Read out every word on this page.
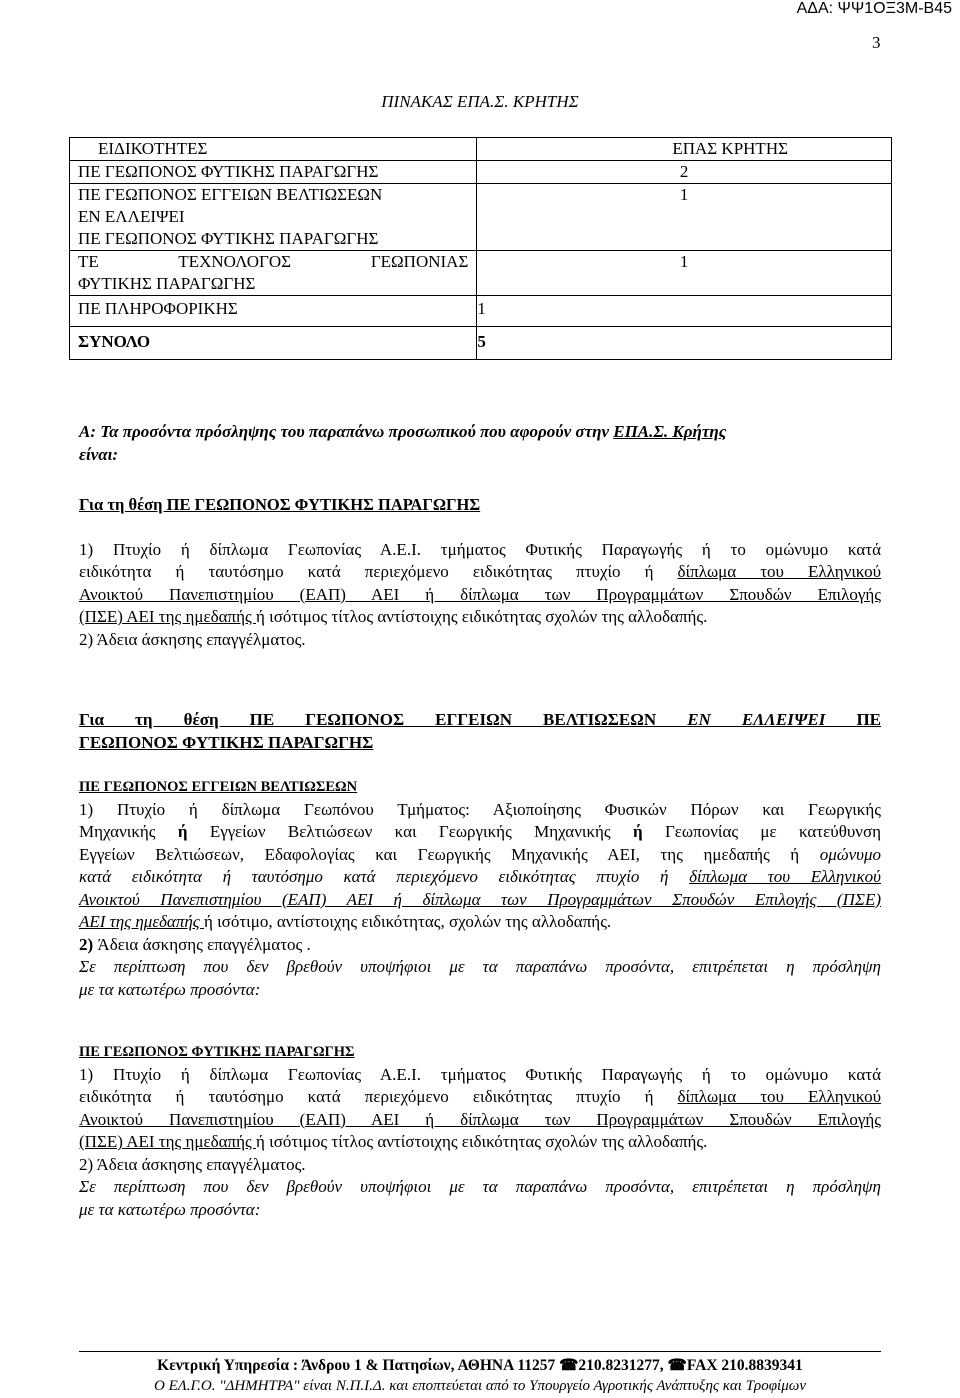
ΑΔΑ: ΨΨ1ΟΞ3Μ-Β45
3
ΠΙΝΑΚΑΣ ΕΠΑ.Σ. ΚΡΗΤΗΣ
ΕΙΔΙΚΟΤΗΤΕΣ	ΕΠΑΣ ΚΡΗΤΗΣ
ΠΕ ΓΕΩΠΟΝΟΣ ΦΥΤΙΚΗΣ ΠΑΡΑΓΩΓΗΣ	2

ΠΕ ΓΕΩΠΟΝΟΣ ΕΓΓΕΙΩΝ ΒΕΛΤΙΩΣΕΩΝ
ΕΝ ΕΛΛΕΙΨΕΙ
ΠΕ ΓΕΩΠΟΝΟΣ ΦΥΤΙΚΗΣ ΠΑΡΑΓΩΓΗΣ	1

ΤΕ ΤΕΧΝΟΛΟΓΟΣ ΓΕΩΠΟΝΙΑΣ
ΦΥΤΙΚΗΣ ΠΑΡΑΓΩΓΗΣ	1
ΠΕ ΠΛΗΡΟΦΟΡΙΚΗΣ	1
ΣΥΝΟΛΟ	5

Α: Τα προσόντα πρόσληψης του παραπάνω προσωπικού που αφορούν στην ΕΠΑ.Σ. Κρήτης

είναι:

Για τη θέση ΠΕ ΓΕΩΠΟΝΟΣ ΦΥΤΙΚΗΣ ΠΑΡΑΓΩΓΗΣ

1) Πτυχίο ή δίπλωμα Γεωπονίας Α.Ε.Ι. τμήματος Φυτικής Παραγωγής ή το ομώνυμο κατά

ειδικότητα ή ταυτόσημο κατά περιεχόμενο ειδικότητας πτυχίο ή δίπλωμα του Ελληνικού

Ανοικτού Πανεπιστημίου (ΕΑΠ) ΑΕΙ ή δίπλωμα των Προγραμμάτων Σπουδών Επιλογής

(ΠΣΕ) ΑΕΙ της ημεδαπής ή ισότιμος τίτλος αντίστοιχης ειδικότητας σχολών της αλλοδαπής.

2) Άδεια άσκησης επαγγέλματος.

Για τη θέση ΠΕ ΓΕΩΠΟΝΟΣ ΕΓΓΕΙΩΝ ΒΕΛΤΙΩΣΕΩΝ ΕΝ ΕΛΛΕΙΨΕΙ ΠΕ

ΓΕΩΠΟΝΟΣ ΦΥΤΙΚΗΣ ΠΑΡΑΓΩΓΗΣ

ΠΕ ΓΕΩΠΟΝΟΣ ΕΓΓΕΙΩΝ ΒΕΛΤΙΩΣΕΩΝ

1) Πτυχίο ή δίπλωμα Γεωπόνου Τμήματος: Αξιοποίησης Φυσικών Πόρων και Γεωργικής

Μηχανικής ή Εγγείων Βελτιώσεων και Γεωργικής Μηχανικής ή Γεωπονίας με κατεύθυνση

Εγγείων Βελτιώσεων, Εδαφολογίας και Γεωργικής Μηχανικής ΑΕΙ, της ημεδαπής ή ομώνυμο

κατά ειδικότητα ή ταυτόσημο κατά περιεχόμενο ειδικότητας πτυχίο ή δίπλωμα του Ελληνικού

Ανοικτού Πανεπιστημίου (ΕΑΠ) ΑΕΙ ή δίπλωμα των Προγραμμάτων Σπουδών Επιλογής (ΠΣΕ)

ΑΕΙ της ημεδαπής ή ισότιμο, αντίστοιχης ειδικότητας, σχολών της αλλοδαπής.

2) Άδεια άσκησης επαγγέλματος .

Σε περίπτωση που δεν βρεθούν υποψήφιοι με τα παραπάνω προσόντα, επιτρέπεται η πρόσληψη

με τα κατωτέρω προσόντα:

ΠΕ ΓΕΩΠΟΝΟΣ ΦΥΤΙΚΗΣ ΠΑΡΑΓΩΓΗΣ

1) Πτυχίο ή δίπλωμα Γεωπονίας Α.Ε.Ι. τμήματος Φυτικής Παραγωγής ή το ομώνυμο κατά

ειδικότητα ή ταυτόσημο κατά περιεχόμενο ειδικότητας πτυχίο ή δίπλωμα του Ελληνικού

Ανοικτού Πανεπιστημίου (ΕΑΠ) ΑΕΙ ή δίπλωμα των Προγραμμάτων Σπουδών Επιλογής

(ΠΣΕ) ΑΕΙ της ημεδαπής ή ισότιμος τίτλος αντίστοιχης ειδικότητας σχολών της αλλοδαπής.

2) Άδεια άσκησης επαγγέλματος.

Σε περίπτωση που δεν βρεθούν υποψήφιοι με τα παραπάνω προσόντα, επιτρέπεται η πρόσληψη

με τα κατωτέρω προσόντα:

Κεντρική Υπηρεσία : Άνδρου 1 & Πατησίων, ΑΘΗΝΑ 11257 ☎210.8231277, ☎FAX 210.8839341
Ο ΕΛ.Γ.Ο. "ΔΗΜΗΤΡΑ" είναι Ν.Π.Ι.Δ. και εποπτεύεται από το Υπουργείο Αγροτικής Ανάπτυξης και Τροφίμων
